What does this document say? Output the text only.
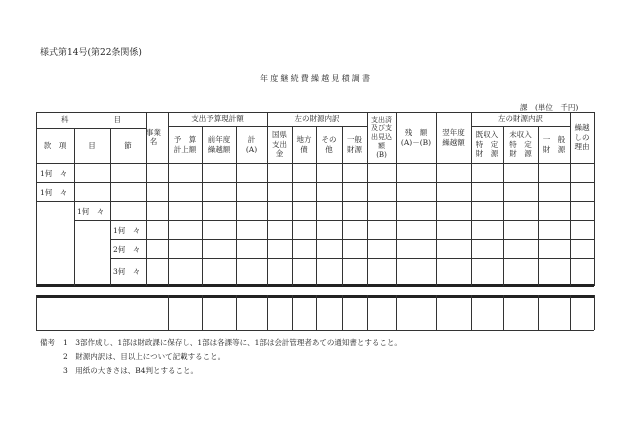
様式第14号(第22条関係)
年度継続費繰越見積調書
課　(単位　千円)
科　　　　　　目
款　項	目	節
事業
名
支出予算現計額
予　算
計上額
前年度
繰越額
計
(A)
左の財源内訳
国県
支出
金
地方
債
その
他
一般
財源
支出済
及び支
出見込
額
(B)
残　額
(A)－(B)
翌年度
繰越額
左の財源内訳
既収入
特　定
財　源
未収入
特　定
財　源
一　般
財　源
繰越
しの
理由
1何　々
1何　々
1何　々
1何　々
2何　々
3何　々
備考 1　3部作成し、1部は財政課に保存し、1部は各課等に、1部は会計管理者あての通知書とすること。
2　財源内訳は、目以上について記載すること。
3　用紙の大きさは、B4判とすること。
